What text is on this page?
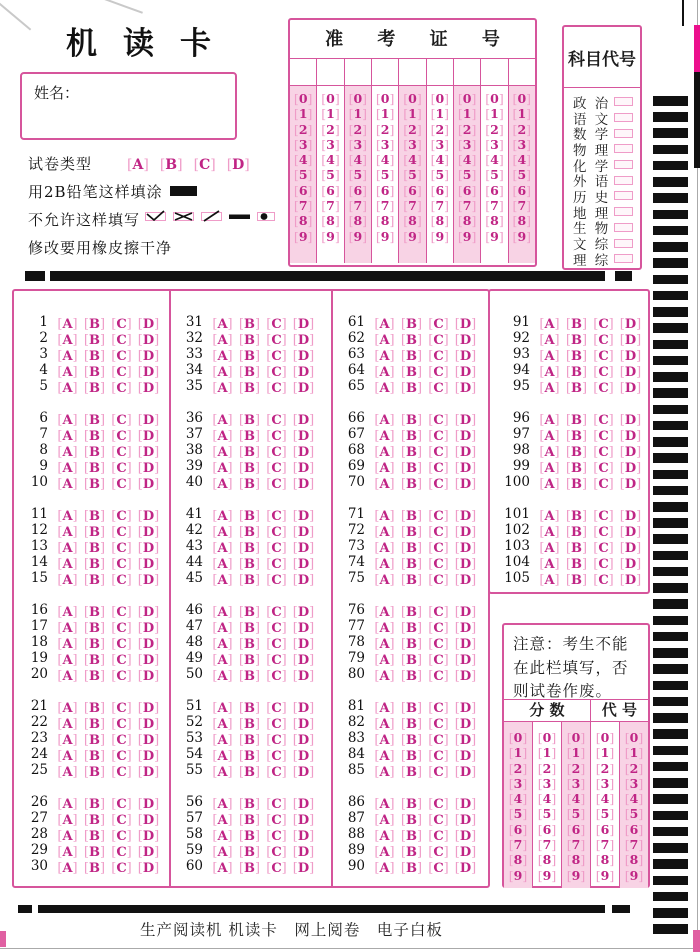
机读卡
姓名：
试卷类型 [A] [B] [C] [D]
用2B铅笔这样填涂
不允许这样填写
修改要用橡皮擦干净
准 考 证 号
[0]
[1]
[2]
[3]
[4]
[5]
[6]
[7]
[8]
[9]
[0]
[1]
[2]
[3]
[4]
[5]
[6]
[7]
[8]
[9]
[0]
[1]
[2]
[3]
[4]
[5]
[6]
[7]
[8]
[9]
[0]
[1]
[2]
[3]
[4]
[5]
[6]
[7]
[8]
[9]
[0]
[1]
[2]
[3]
[4]
[5]
[6]
[7]
[8]
[9]
[0]
[1]
[2]
[3]
[4]
[5]
[6]
[7]
[8]
[9]
[0]
[1]
[2]
[3]
[4]
[5]
[6]
[7]
[8]
[9]
[0]
[1]
[2]
[3]
[4]
[5]
[6]
[7]
[8]
[9]
[0]
[1]
[2]
[3]
[4]
[5]
[6]
[7]
[8]
[9]
科目代号
政 治
语 文
数 学
物 理
化 学
外 语
历 史
地 理
生 物
文 综
理 综
1 [A] [B] [C] [D]
2 [A] [B] [C] [D]
3 [A] [B] [C] [D]
4 [A] [B] [C] [D]
5 [A] [B] [C] [D]
6 [A] [B] [C] [D]
7 [A] [B] [C] [D]
8 [A] [B] [C] [D]
9 [A] [B] [C] [D]
10 [A] [B] [C] [D]
11 [A] [B] [C] [D]
12 [A] [B] [C] [D]
13 [A] [B] [C] [D]
14 [A] [B] [C] [D]
15 [A] [B] [C] [D]
16 [A] [B] [C] [D]
17 [A] [B] [C] [D]
18 [A] [B] [C] [D]
19 [A] [B] [C] [D]
20 [A] [B] [C] [D]
21 [A] [B] [C] [D]
22 [A] [B] [C] [D]
23 [A] [B] [C] [D]
24 [A] [B] [C] [D]
25 [A] [B] [C] [D]
26 [A] [B] [C] [D]
27 [A] [B] [C] [D]
28 [A] [B] [C] [D]
29 [A] [B] [C] [D]
30 [A] [B] [C] [D]
31 [A] [B] [C] [D]
32 [A] [B] [C] [D]
33 [A] [B] [C] [D]
34 [A] [B] [C] [D]
35 [A] [B] [C] [D]
36 [A] [B] [C] [D]
37 [A] [B] [C] [D]
38 [A] [B] [C] [D]
39 [A] [B] [C] [D]
40 [A] [B] [C] [D]
41 [A] [B] [C] [D]
42 [A] [B] [C] [D]
43 [A] [B] [C] [D]
44 [A] [B] [C] [D]
45 [A] [B] [C] [D]
46 [A] [B] [C] [D]
47 [A] [B] [C] [D]
48 [A] [B] [C] [D]
49 [A] [B] [C] [D]
50 [A] [B] [C] [D]
51 [A] [B] [C] [D]
52 [A] [B] [C] [D]
53 [A] [B] [C] [D]
54 [A] [B] [C] [D]
55 [A] [B] [C] [D]
56 [A] [B] [C] [D]
57 [A] [B] [C] [D]
58 [A] [B] [C] [D]
59 [A] [B] [C] [D]
60 [A] [B] [C] [D]
61 [A] [B] [C] [D]
62 [A] [B] [C] [D]
63 [A] [B] [C] [D]
64 [A] [B] [C] [D]
65 [A] [B] [C] [D]
66 [A] [B] [C] [D]
67 [A] [B] [C] [D]
68 [A] [B] [C] [D]
69 [A] [B] [C] [D]
70 [A] [B] [C] [D]
71 [A] [B] [C] [D]
72 [A] [B] [C] [D]
73 [A] [B] [C] [D]
74 [A] [B] [C] [D]
75 [A] [B] [C] [D]
76 [A] [B] [C] [D]
77 [A] [B] [C] [D]
78 [A] [B] [C] [D]
79 [A] [B] [C] [D]
80 [A] [B] [C] [D]
81 [A] [B] [C] [D]
82 [A] [B] [C] [D]
83 [A] [B] [C] [D]
84 [A] [B] [C] [D]
85 [A] [B] [C] [D]
86 [A] [B] [C] [D]
87 [A] [B] [C] [D]
88 [A] [B] [C] [D]
89 [A] [B] [C] [D]
90 [A] [B] [C] [D]
91 [A] [B] [C] [D]
92 [A] [B] [C] [D]
93 [A] [B] [C] [D]
94 [A] [B] [C] [D]
95 [A] [B] [C] [D]
96 [A] [B] [C] [D]
97 [A] [B] [C] [D]
98 [A] [B] [C] [D]
99 [A] [B] [C] [D]
100 [A] [B] [C] [D]
101 [A] [B] [C] [D]
102 [A] [B] [C] [D]
103 [A] [B] [C] [D]
104 [A] [B] [C] [D]
105 [A] [B] [C] [D]
注意：考生不能
在此栏填写，否
则试卷作废。
分 数	代 号
[0]
[1]
[2]
[3]
[4]
[5]
[6]
[7]
[8]
[9]
[0]
[1]
[2]
[3]
[4]
[5]
[6]
[7]
[8]
[9]
[0]
[1]
[2]
[3]
[4]
[5]
[6]
[7]
[8]
[9]
[0]
[1]
[2]
[3]
[4]
[5]
[6]
[7]
[8]
[9]
[0]
[1]
[2]
[3]
[4]
[5]
[6]
[7]
[8]
[9]
生产阅读机 机读卡　网上阅卷　电子白板
